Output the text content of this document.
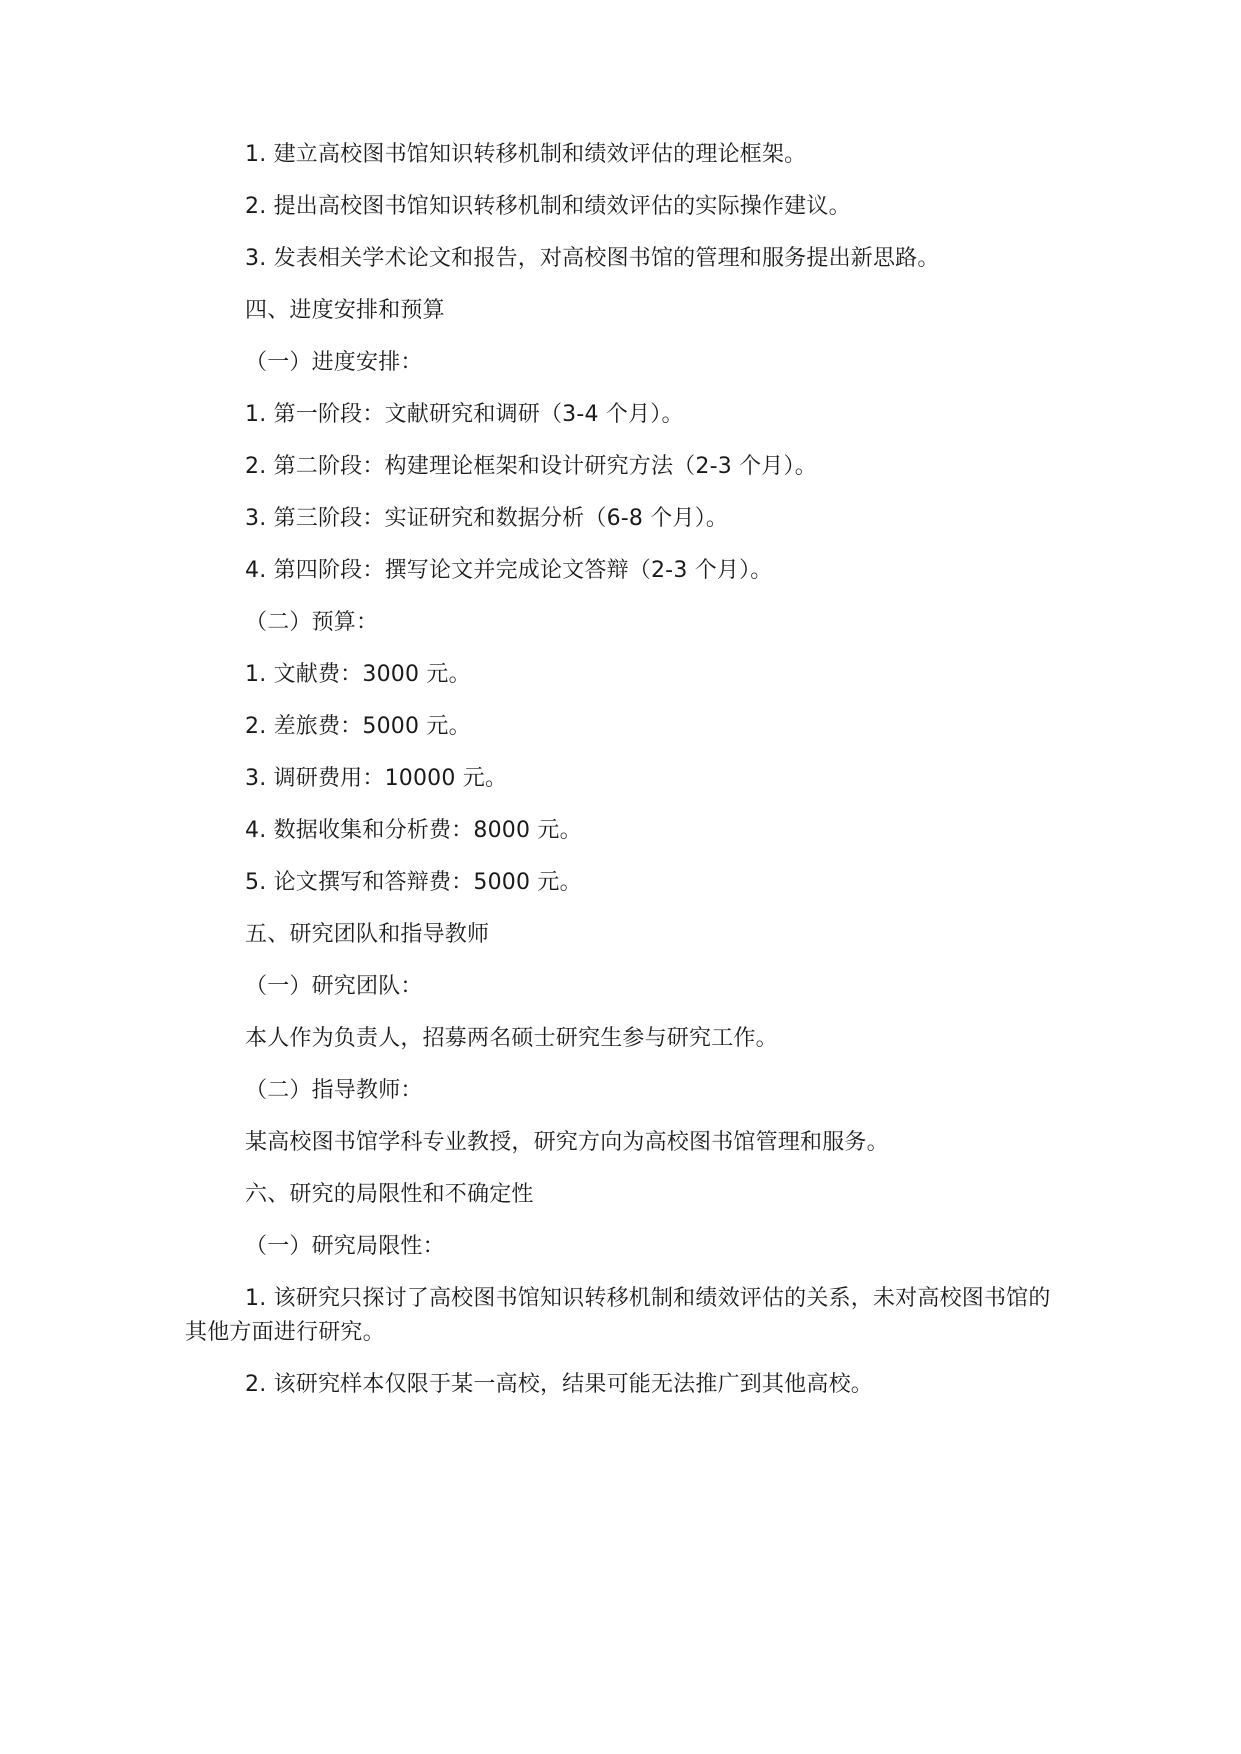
1. 建立高校图书馆知识转移机制和绩效评估的理论框架。
2. 提出高校图书馆知识转移机制和绩效评估的实际操作建议。
3. 发表相关学术论文和报告，对高校图书馆的管理和服务提出新思路。
四、进度安排和预算
（一）进度安排：
1. 第一阶段：文献研究和调研（3-4 个月）。
2. 第二阶段：构建理论框架和设计研究方法（2-3 个月）。
3. 第三阶段：实证研究和数据分析（6-8 个月）。
4. 第四阶段：撰写论文并完成论文答辩（2-3 个月）。
（二）预算：
1. 文献费：3000 元。
2. 差旅费：5000 元。
3. 调研费用：10000 元。
4. 数据收集和分析费：8000 元。
5. 论文撰写和答辩费：5000 元。
五、研究团队和指导教师
（一）研究团队：
本人作为负责人，招募两名硕士研究生参与研究工作。
（二）指导教师：
某高校图书馆学科专业教授，研究方向为高校图书馆管理和服务。
六、研究的局限性和不确定性
（一）研究局限性：
1. 该研究只探讨了高校图书馆知识转移机制和绩效评估的关系，未对高校图书馆的其他方面进行研究。
2. 该研究样本仅限于某一高校，结果可能无法推广到其他高校。
